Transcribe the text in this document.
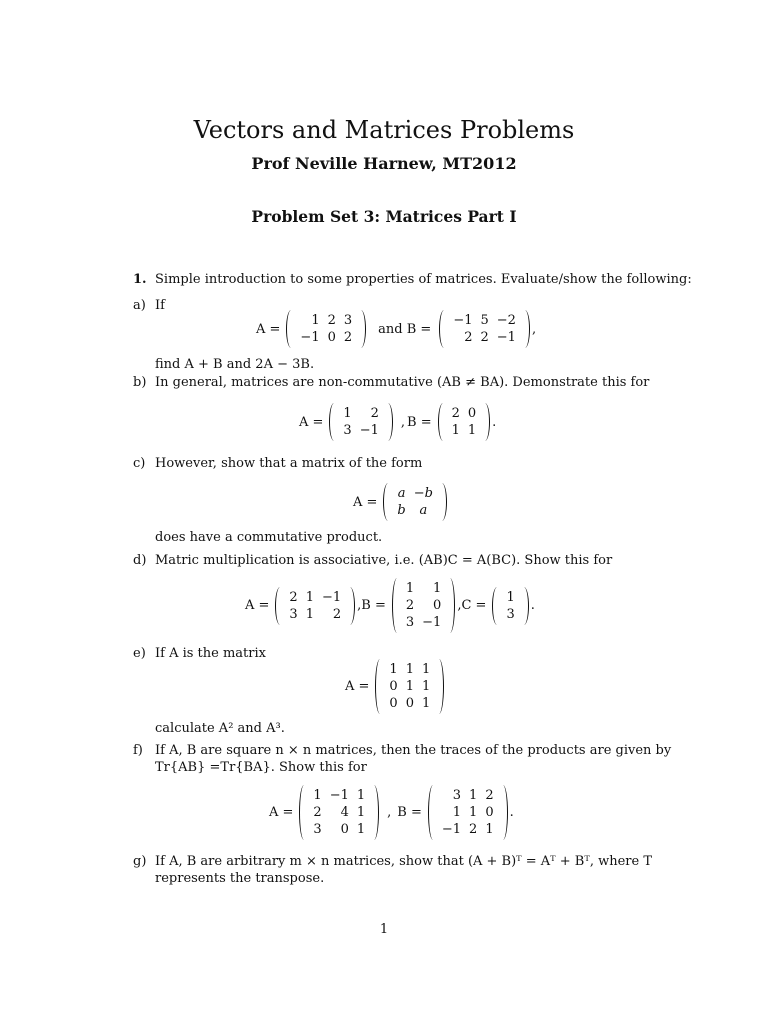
Vectors and Matrices Problems
Prof Neville Harnew, MT2012
Problem Set 3: Matrices Part I
1. Simple introduction to some properties of matrices. Evaluate/show the following:
a) If
A =
1	2	3
−1	0	2
and B =
−1	5	−2
2	2	−1
,
find A + B and 2A − 3B.
b) In general, matrices are non-commutative (AB ≠ BA). Demonstrate this for
A =
1	2
3	−1
, B =
2	0
1	1
.
c) However, show that a matrix of the form
A =
a	−b
b	a
does have a commutative product.
d) Matric multiplication is associative, i.e. (AB)C = A(BC). Show this for
A =
2	1	−1
3	1	2
, B =
1	1
2	0
3	−1
, C =
1
3
.
e) If A is the matrix
A =
1	1	1
0	1	1
0	0	1
calculate A² and A³.
f) If A, B are square n × n matrices, then the traces of the products are given by
Tr{AB} =Tr{BA}. Show this for
A =
1	−1	1
2	4	1
3	0	1
, B =
3	1	2
1	1	0
−1	2	1
.
g) If A, B are arbitrary m × n matrices, show that (A + B)ᵀ = Aᵀ + Bᵀ, where T
represents the transpose.
1
